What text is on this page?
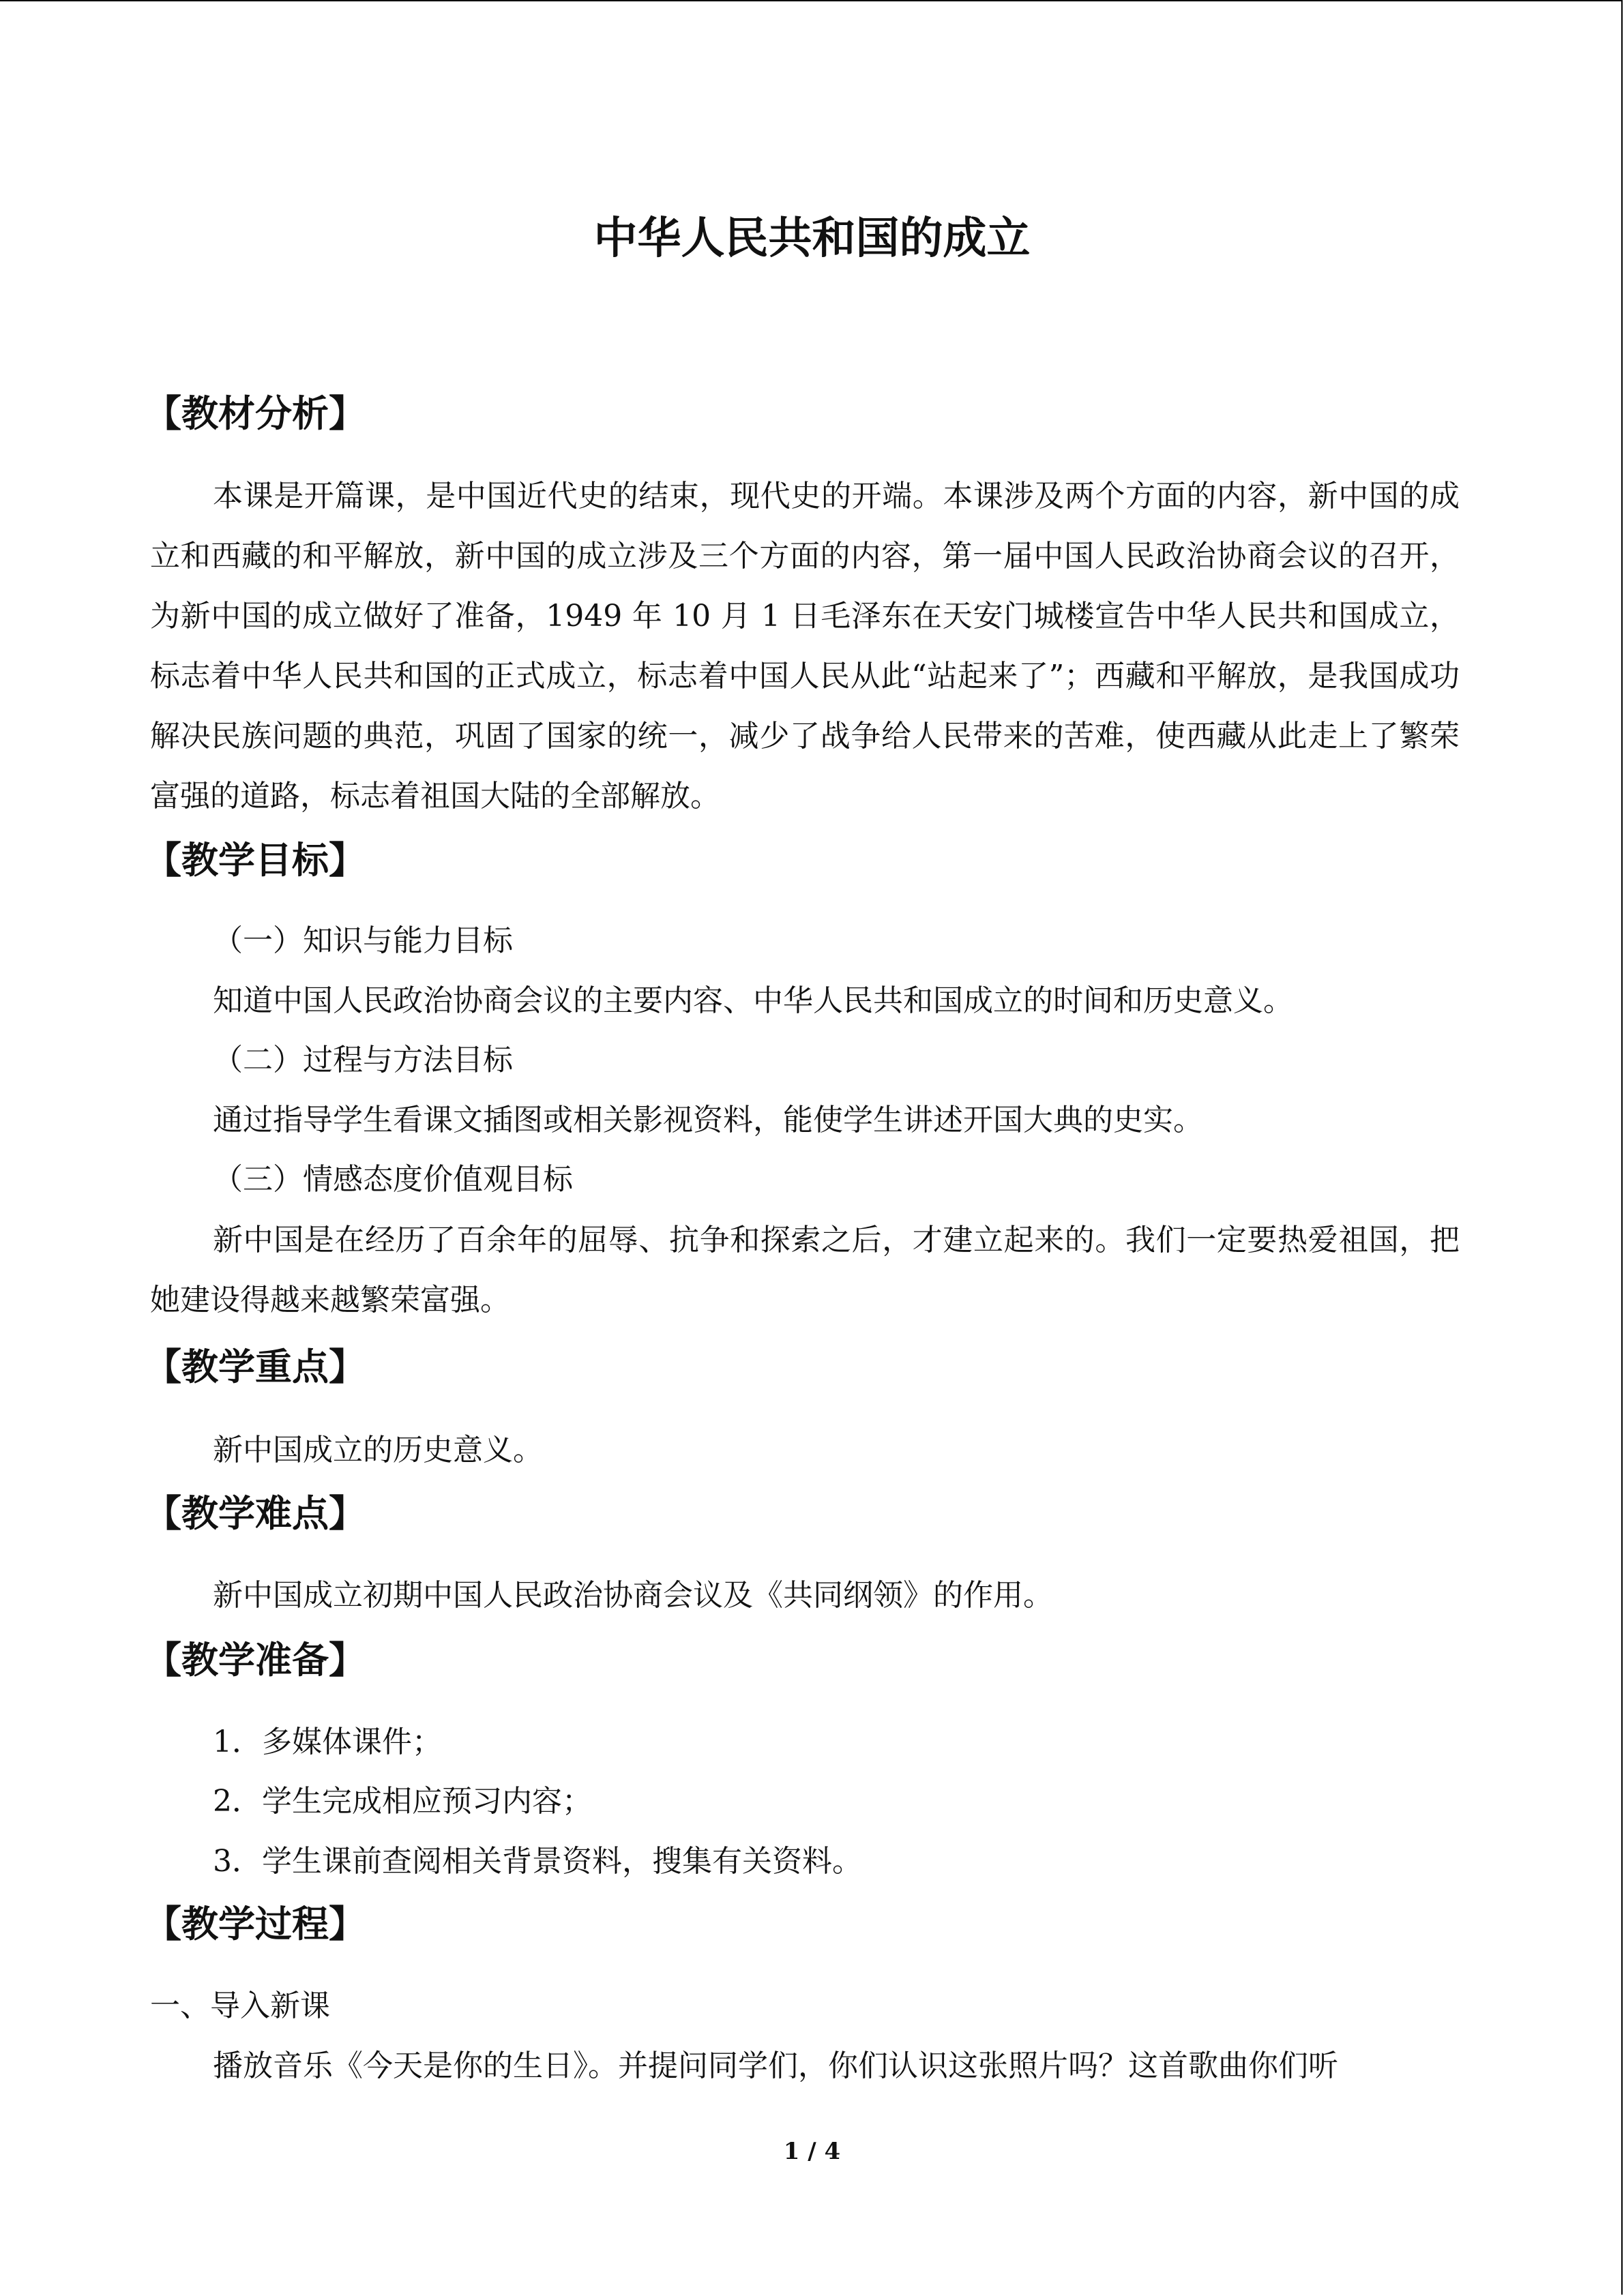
中华人民共和国的成立
【教材分析】

本课是开篇课，是中国近代史的结束，现代史的开端。本课涉及两个方面的内容，新中国的成立和西藏的和平解放，新中国的成立涉及三个方面的内容，第一届中国人民政治协商会议的召开，为新中国的成立做好了准备，1949 年 10 月 1 日毛泽东在天安门城楼宣告中华人民共和国成立，标志着中华人民共和国的正式成立，标志着中国人民从此“站起来了”；西藏和平解放，是我国成功解决民族问题的典范，巩固了国家的统一，减少了战争给人民带来的苦难，使西藏从此走上了繁荣富强的道路，标志着祖国大陆的全部解放。

【教学目标】

（一）知识与能力目标

知道中国人民政治协商会议的主要内容、中华人民共和国成立的时间和历史意义。

（二）过程与方法目标

通过指导学生看课文插图或相关影视资料，能使学生讲述开国大典的史实。

（三）情感态度价值观目标

新中国是在经历了百余年的屈辱、抗争和探索之后，才建立起来的。我们一定要热爱祖国，把她建设得越来越繁荣富强。

【教学重点】

新中国成立的历史意义。

【教学难点】

新中国成立初期中国人民政治协商会议及《共同纲领》的作用。

【教学准备】

1．多媒体课件；

2．学生完成相应预习内容；

3．学生课前查阅相关背景资料，搜集有关资料。

【教学过程】

一、导入新课

播放音乐《今天是你的生日》。并提问同学们，你们认识这张照片吗？这首歌曲你们听

1 / 4
